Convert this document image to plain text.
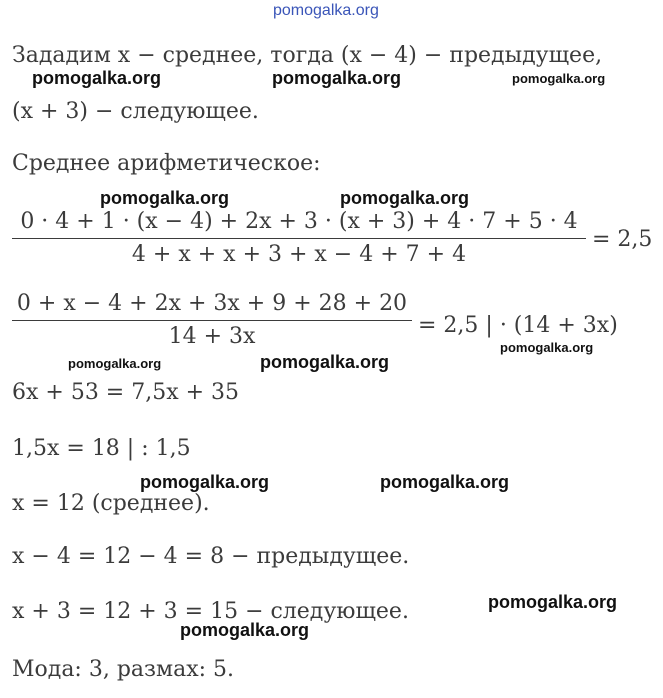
pomogalka.org
pomogalka.org	pomogalka.org	pomogalka.org
pomogalka.org	pomogalka.org
pomogalka.org
pomogalka.org	pomogalka.org
pomogalka.org	pomogalka.org
pomogalka.org
pomogalka.org
Зададим x − среднее, тогда (x − 4) − предыдущее,
(x + 3) − следующее.
Среднее арифметическое:
$\frac{0 \cdot 4 + 1 \cdot (x - 4) + 2x + 3 \cdot (x + 3) + 4 \cdot 7 + 5 \cdot 4}{4 + x + x + 3 + x - 4 + 7 + 4} = 2,5$
$\frac{0 + x - 4 + 2x + 3x + 9 + 28 + 20}{14 + 3x} = 2,5$ | · (14 + 3x)
6x + 53 = 7,5x + 35
1,5x = 18 | : 1,5
x = 12 (среднее).
x − 4 = 12 − 4 = 8 − предыдущее.
x + 3 = 12 + 3 = 15 − следующее.
Мода: 3, размах: 5.
